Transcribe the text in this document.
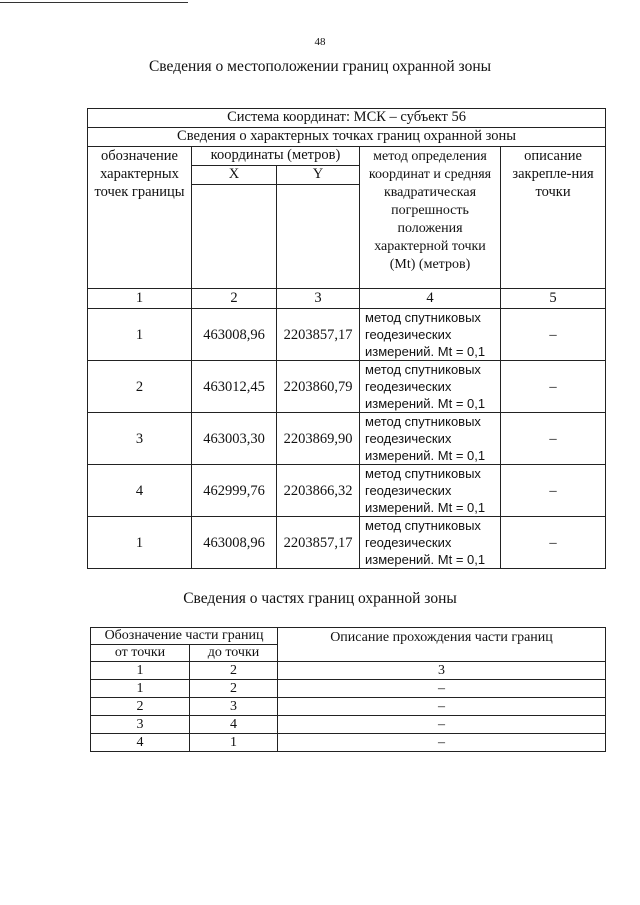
48
Сведения о местоположении границ охранной зоны
Система координат: МСК – субъект 56				
Сведения о характерных точках границ охранной зоны				
обозначение характерных точек границы	координаты (метров)		метод определения координат и средняя квадратическая погрешность положения характерной точки (Mt) (метров)	описание закрепле-ния точки
	X	Y		

1	2	3	4	5
1	463008,96	2203857,17	метод спутниковых геодезических измерений. Mt = 0,1	–
2	463012,45	2203860,79	метод спутниковых геодезических измерений. Mt = 0,1	–
3	463003,30	2203869,90	метод спутниковых геодезических измерений. Mt = 0,1	–
4	462999,76	2203866,32	метод спутниковых геодезических измерений. Mt = 0,1	–
1	463008,96	2203857,17	метод спутниковых геодезических измерений. Mt = 0,1	–
Сведения о частях границ охранной зоны
Обозначение части границ		Описание прохождения части границ
от точки	до точки	
1	2	3
1	2	–
2	3	–
3	4	–
4	1	–
